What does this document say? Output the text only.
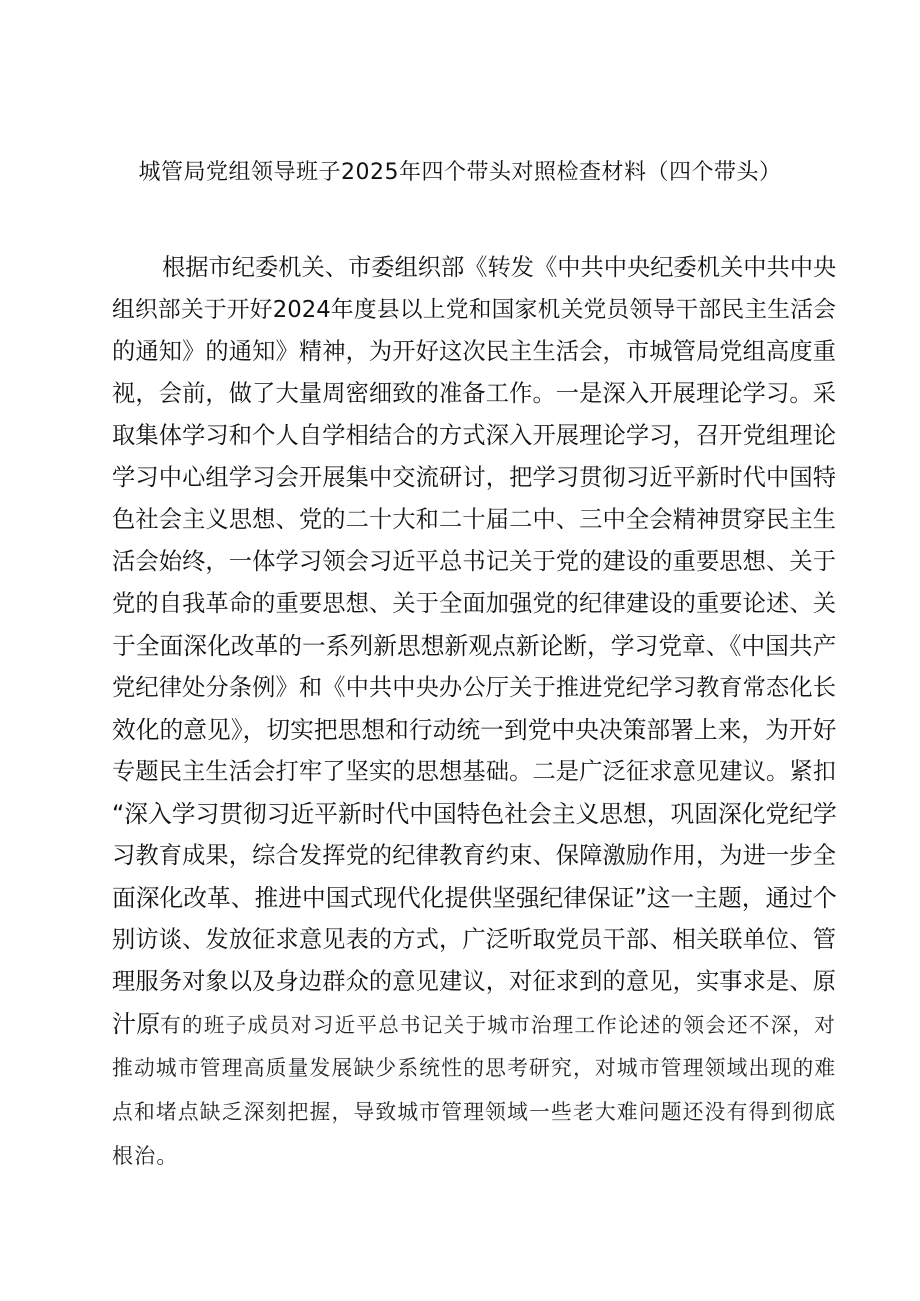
城管局党组领导班子2025年四个带头对照检查材料（四个带头）

根据市纪委机关、市委组织部《转发《中共中央纪委机关中共中央

组织部关于开好2024年度县以上党和国家机关党员领导干部民主生活会

的通知》的通知》精神，为开好这次民主生活会，市城管局党组高度重

视，会前，做了大量周密细致的准备工作。一是深入开展理论学习。采

取集体学习和个人自学相结合的方式深入开展理论学习，召开党组理论

学习中心组学习会开展集中交流研讨，把学习贯彻习近平新时代中国特

色社会主义思想、党的二十大和二十届二中、三中全会精神贯穿民主生

活会始终，一体学习领会习近平总书记关于党的建设的重要思想、关于

党的自我革命的重要思想、关于全面加强党的纪律建设的重要论述、关

于全面深化改革的一系列新思想新观点新论断，学习党章、《中国共产

党纪律处分条例》和《中共中央办公厅关于推进党纪学习教育常态化长

效化的意见》，切实把思想和行动统一到党中央决策部署上来，为开好

专题民主生活会打牢了坚实的思想基础。二是广泛征求意见建议。紧扣

“深入学习贯彻习近平新时代中国特色社会主义思想，巩固深化党纪学

习教育成果，综合发挥党的纪律教育约束、保障激励作用，为进一步全

面深化改革、推进中国式现代化提供坚强纪律保证”这一主题，通过个

别访谈、发放征求意见表的方式，广泛听取党员干部、相关联单位、管

理服务对象以及身边群众的意见建议，对征求到的意见，实事求是、原

汁原有的班子成员对习近平总书记关于城市治理工作论述的领会还不深，对

推动城市管理高质量发展缺少系统性的思考研究，对城市管理领域出现的难

点和堵点缺乏深刻把握，导致城市管理领域一些老大难问题还没有得到彻底

根治。
